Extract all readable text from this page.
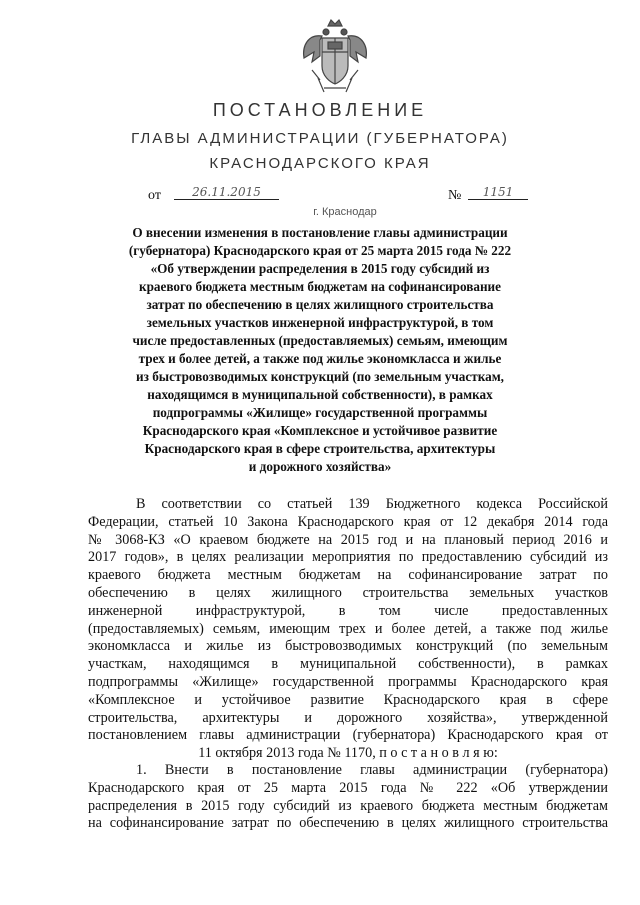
ПОСТАНОВЛЕНИЕ
ГЛАВЫ АДМИНИСТРАЦИИ (ГУБЕРНАТОРА)
КРАСНОДАРСКОГО КРАЯ
от	26.11.2015	№	1151
г. Краснодар
О внесении изменения в постановление главы администрации
(губернатора) Краснодарского края от 25 марта 2015 года № 222
«Об утверждении распределения в 2015 году субсидий из
краевого бюджета местным бюджетам на софинансирование
затрат по обеспечению в целях жилищного строительства
земельных участков инженерной инфраструктурой, в том
числе предоставленных (предоставляемых) семьям, имеющим
трех и более детей, а также под жилье экономкласса и жилье
из быстровозводимых конструкций (по земельным участкам,
находящимся в муниципальной собственности), в рамках
подпрограммы «Жилище» государственной программы
Краснодарского края «Комплексное и устойчивое развитие
Краснодарского края в сфере строительства, архитектуры
и дорожного хозяйства»
В соответствии со статьей 139 Бюджетного кодекса Российской
Федерации, статьей 10 Закона Краснодарского края от 12 декабря 2014 года
№ 3068-КЗ «О краевом бюджете на 2015 год и на плановый период 2016 и
2017 годов», в целях реализации мероприятия по предоставлению субсидий из
краевого бюджета местным бюджетам на софинансирование затрат по
обеспечению в целях жилищного строительства земельных участков
инженерной инфраструктурой, в том числе предоставленных
(предоставляемых) семьям, имеющим трех и более детей, а также под жилье
экономкласса и жилье из быстровозводимых конструкций (по земельным
участкам, находящимся в муниципальной собственности), в рамках
подпрограммы «Жилище» государственной программы Краснодарского края
«Комплексное и устойчивое развитие Краснодарского края в сфере
строительства, архитектуры и дорожного хозяйства», утвержденной
постановлением главы администрации (губернатора) Краснодарского края от
11 октября 2013 года № 1170, п о с т а н о в л я ю:
1. Внести в постановление главы администрации (губернатора)
Краснодарского края от 25 марта 2015 года № 222 «Об утверждении
распределения в 2015 году субсидий из краевого бюджета местным бюджетам
на софинансирование затрат по обеспечению в целях жилищного строительства
